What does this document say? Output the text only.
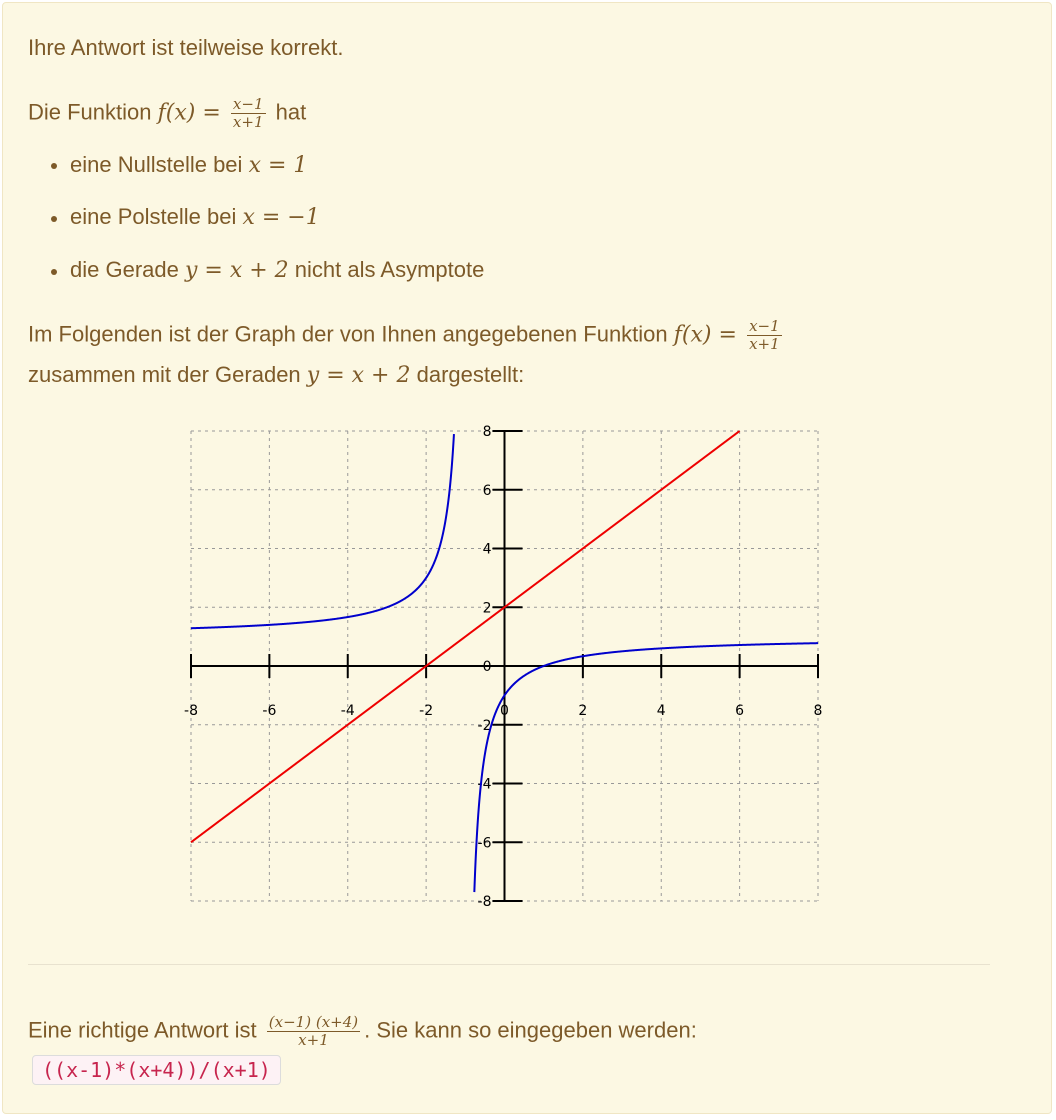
Ihre Antwort ist teilweise korrekt.
Die Funktion $f(x) = \frac{x-1}{x+1}$ hat
eine Nullstelle bei x = 1
eine Polstelle bei x = −1
die Gerade y = x + 2 nicht als Asymptote
Im Folgenden ist der Graph der von Ihnen angegebenen Funktion $f(x) = \frac{x-1}{x+1}$
zusammen mit der Geraden y = x + 2 dargestellt:
-8	-6	-4	-2	0	2	4	6	8
-8
-6
-4
-2
2
4
6
8
0
Eine richtige Antwort ist $\frac{(x-1) (x+4)}{x+1}$ . Sie kann so eingegeben werden:
((x-1)*(x+4))/(x+1)
